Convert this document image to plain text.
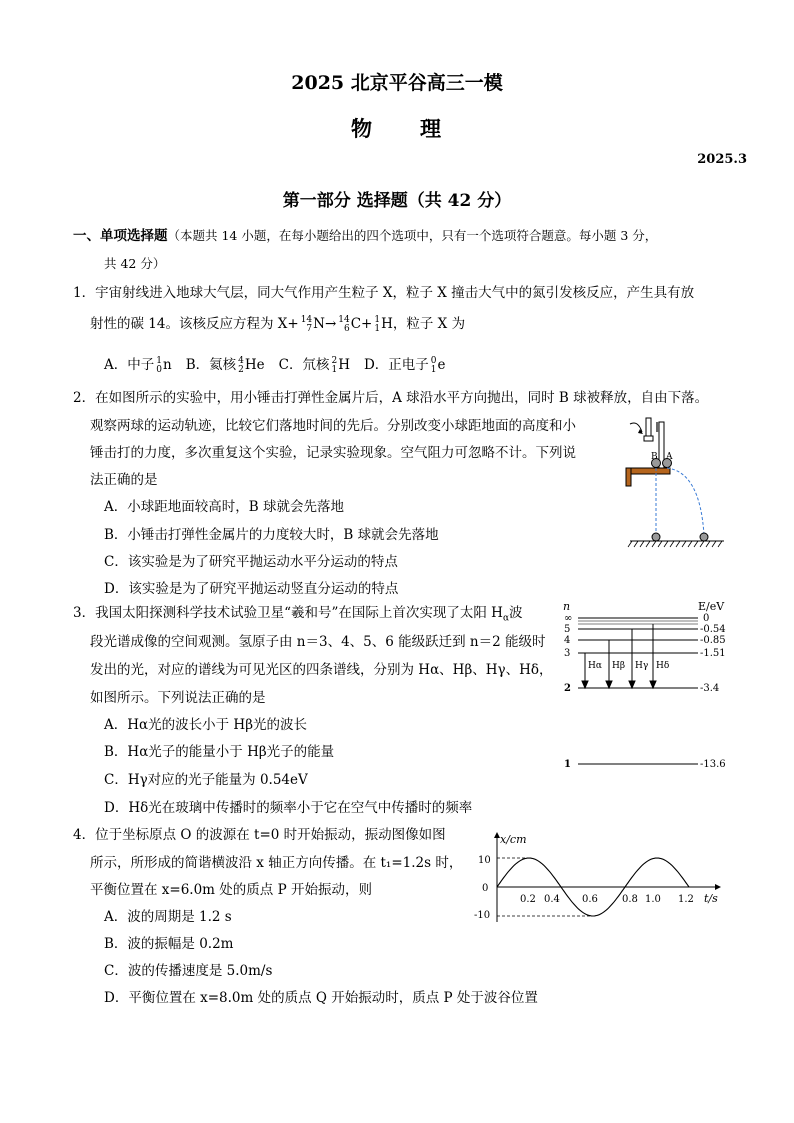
2025 北京平谷高三一模
物 理
2025.3
第一部分 选择题（共 42 分）
一、单项选择题（本题共 14 小题，在每小题给出的四个选项中，只有一个选项符合题意。每小题 3 分，
共 42 分）
1．宇宙射线进入地球大气层，同大气作用产生粒子 X，粒子 X 撞击大气中的氮引发核反应，产生具有放
射性的碳 14。该核反应方程为 X+ 14
7 N→ 14
6 C+ 1
1 H，粒子 X 为
A．中子 1
0 n B．氦核 4
2 He C．氘核 2
1 H D．正电子 0
1 e
2．在如图所示的实验中，用小锤击打弹性金属片后，A 球沿水平方向抛出，同时 B 球被释放，自由下落。
观察两球的运动轨迹，比较它们落地时间的先后。分别改变小球距地面的高度和小
锤击打的力度，多次重复这个实验，记录实验现象。空气阻力可忽略不计。下列说
法正确的是
A．小球距地面较高时，B 球就会先落地
B．小锤击打弹性金属片的力度较大时，B 球就会先落地
C．该实验是为了研究平抛运动水平分运动的特点
D．该实验是为了研究平抛运动竖直分运动的特点
B A
3．我国太阳探测科学技术试验卫星“羲和号”在国际上首次实现了太阳 $H_\alpha$波
段光谱成像的空间观测。氢原子由 n＝3、4、5、6 能级跃迁到 n＝2 能级时
发出的光，对应的谱线为可见光区的四条谱线，分别为 Hα、Hβ、Hγ、Hδ，
如图所示。下列说法正确的是
A．Hα光的波长小于 Hβ光的波长
B．Hα光子的能量小于 Hβ光子的能量
C．Hγ对应的光子能量为 0.54eV
D．Hδ光在玻璃中传播时的频率小于它在空气中传播时的频率
n	E/eV
∞
5
4
3
2
1
0
-0.54
-0.85
-1.51
-3.4
-13.6
Hα Hβ Hγ Hδ
4．位于坐标原点 O 的波源在 t=0 时开始振动，振动图像如图
所示，所形成的简谐横波沿 x 轴正方向传播。在 t₁=1.2s 时，
平衡位置在 x=6.0m 处的质点 P 开始振动，则
A．波的周期是 1.2 s
B．波的振幅是 0.2m
C．波的传播速度是 5.0m/s
D．平衡位置在 x=8.0m 处的质点 Q 开始振动时，质点 P 处于波谷位置
x/cm
t/s
0
10
-10
0.2 0.4 0.6 0.8 1.0 1.2
